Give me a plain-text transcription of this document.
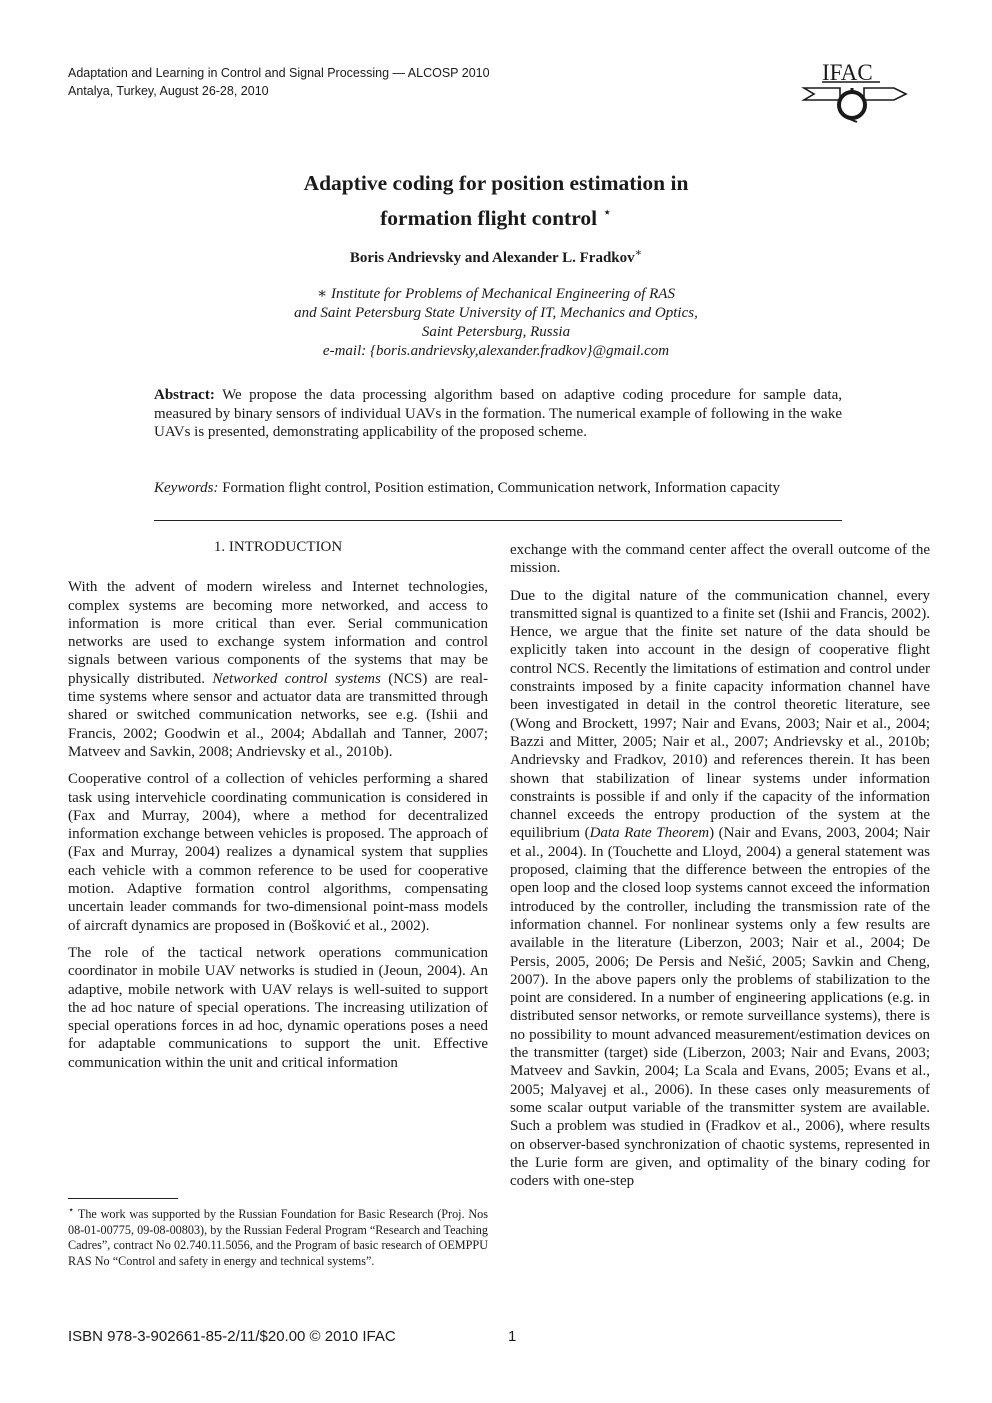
Adaptation and Learning in Control and Signal Processing — ALCOSP 2010
Antalya, Turkey, August 26-28, 2010
IFAC
Adaptive coding for position estimation in
formation flight control ⋆
Boris Andrievsky and Alexander L. Fradkov∗
∗ Institute for Problems of Mechanical Engineering of RAS
and Saint Petersburg State University of IT, Mechanics and Optics,
Saint Petersburg, Russia
e-mail: {boris.andrievsky,alexander.fradkov}@gmail.com
Abstract: We propose the data processing algorithm based on adaptive coding procedure for sample data, measured by binary sensors of individual UAVs in the formation. The numerical example of following in the wake UAVs is presented, demonstrating applicability of the proposed scheme.
Keywords: Formation flight control, Position estimation, Communication network, Information capacity

1. INTRODUCTION

With the advent of modern wireless and Internet technologies, complex systems are becoming more networked, and access to information is more critical than ever. Serial communication networks are used to exchange system information and control signals between various components of the systems that may be physically distributed. Networked control systems (NCS) are real-time systems where sensor and actuator data are transmitted through shared or switched communication networks, see e.g. (Ishii and Francis, 2002; Goodwin et al., 2004; Abdallah and Tanner, 2007; Matveev and Savkin, 2008; Andrievsky et al., 2010b).

Cooperative control of a collection of vehicles performing a shared task using intervehicle coordinating communication is considered in (Fax and Murray, 2004), where a method for decentralized information exchange between vehicles is proposed. The approach of (Fax and Murray, 2004) realizes a dynamical system that supplies each vehicle with a common reference to be used for cooperative motion. Adaptive formation control algorithms, compensating uncertain leader commands for two-dimensional point-mass models of aircraft dynamics are proposed in (Bošković et al., 2002).

The role of the tactical network operations communication coordinator in mobile UAV networks is studied in (Jeoun, 2004). An adaptive, mobile network with UAV relays is well-suited to support the ad hoc nature of special operations. The increasing utilization of special operations forces in ad hoc, dynamic operations poses a need for adaptable communications to support the unit. Effective communication within the unit and critical information

exchange with the command center affect the overall outcome of the mission.

Due to the digital nature of the communication channel, every transmitted signal is quantized to a finite set (Ishii and Francis, 2002). Hence, we argue that the finite set nature of the data should be explicitly taken into account in the design of cooperative flight control NCS. Recently the limitations of estimation and control under constraints imposed by a finite capacity information channel have been investigated in detail in the control theoretic literature, see (Wong and Brockett, 1997; Nair and Evans, 2003; Nair et al., 2004; Bazzi and Mitter, 2005; Nair et al., 2007; Andrievsky et al., 2010b; Andrievsky and Fradkov, 2010) and references therein. It has been shown that stabilization of linear systems under information constraints is possible if and only if the capacity of the information channel exceeds the entropy production of the system at the equilibrium (Data Rate Theorem) (Nair and Evans, 2003, 2004; Nair et al., 2004). In (Touchette and Lloyd, 2004) a general statement was proposed, claiming that the difference between the entropies of the open loop and the closed loop systems cannot exceed the information introduced by the controller, including the transmission rate of the information channel. For nonlinear systems only a few results are available in the literature (Liberzon, 2003; Nair et al., 2004; De Persis, 2005, 2006; De Persis and Nešić, 2005; Savkin and Cheng, 2007). In the above papers only the problems of stabilization to the point are considered. In a number of engineering applications (e.g. in distributed sensor networks, or remote surveillance systems), there is no possibility to mount advanced measurement/estimation devices on the transmitter (target) side (Liberzon, 2003; Nair and Evans, 2003; Matveev and Savkin, 2004; La Scala and Evans, 2005; Evans et al., 2005; Malyavej et al., 2006). In these cases only measurements of some scalar output variable of the transmitter system are available. Such a problem was studied in (Fradkov et al., 2006), where results on observer-based synchronization of chaotic systems, represented in the Lurie form are given, and optimality of the binary coding for coders with one-step

⋆ The work was supported by the Russian Foundation for Basic Research (Proj. Nos 08-01-00775, 09-08-00803), by the Russian Federal Program “Research and Teaching Cadres”, contract No 02.740.11.5056, and the Program of basic research of OEMPPU RAS No “Control and safety in energy and technical systems”.
ISBN 978-3-902661-85-2/11/$20.00 © 2010 IFAC	1
